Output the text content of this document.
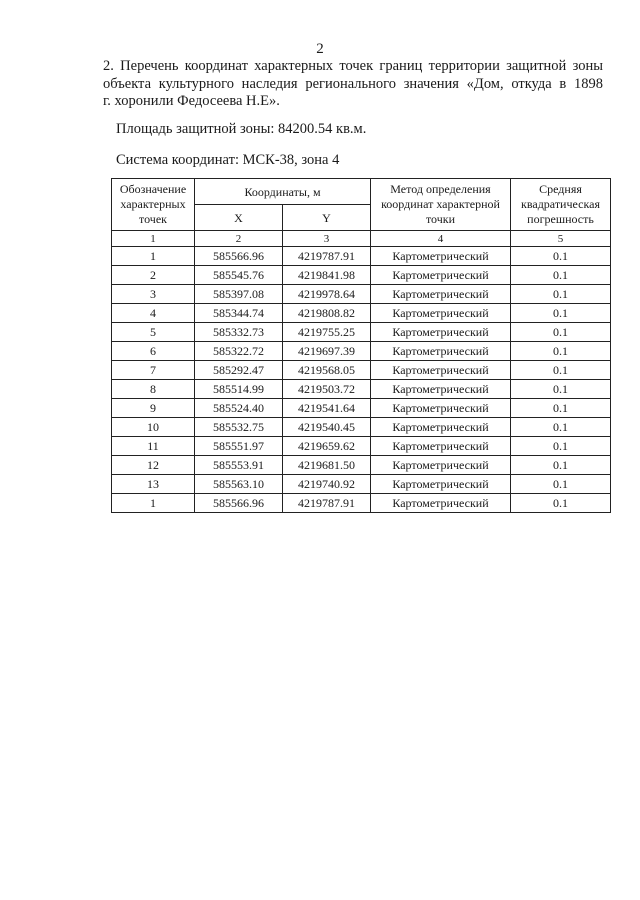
2
2. Перечень координат характерных точек границ территории защитной зоны
объекта культурного наследия регионального значения «Дом, откуда в 1898
г. хоронили Федосеева Н.Е».
Площадь защитной зоны: 84200.54 кв.м.
Система координат: МСК-38, зона 4
Обозначение характерных точек	Координаты, м		Метод определения координат характерной точки	Средняя квадратическая погрешность
	X	Y		
1	2	3	4	5
1	585566.96	4219787.91	Картометрический	0.1
2	585545.76	4219841.98	Картометрический	0.1
3	585397.08	4219978.64	Картометрический	0.1
4	585344.74	4219808.82	Картометрический	0.1
5	585332.73	4219755.25	Картометрический	0.1
6	585322.72	4219697.39	Картометрический	0.1
7	585292.47	4219568.05	Картометрический	0.1
8	585514.99	4219503.72	Картометрический	0.1
9	585524.40	4219541.64	Картометрический	0.1
10	585532.75	4219540.45	Картометрический	0.1
11	585551.97	4219659.62	Картометрический	0.1
12	585553.91	4219681.50	Картометрический	0.1
13	585563.10	4219740.92	Картометрический	0.1
1	585566.96	4219787.91	Картометрический	0.1
